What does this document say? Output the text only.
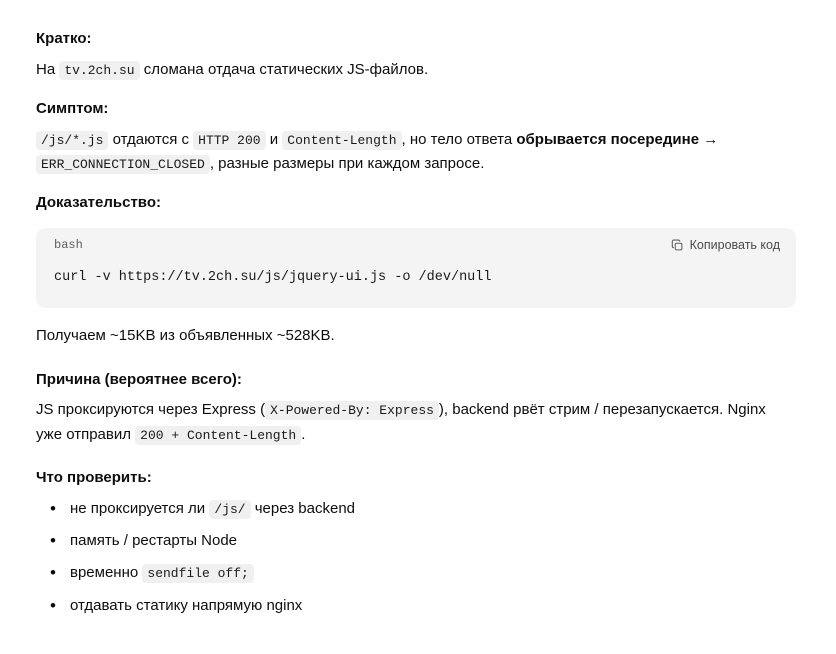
Кратко:

На tv.2ch.su сломана отдача статических JS-файлов.

Симптом:

/js/*.js отдаются с HTTP 200 и Content-Length , но тело ответа обрывается посередине → ERR_CONNECTION_CLOSED , разные размеры при каждом запросе.

Доказательство:

bash	Копировать код
curl -v https://tv.2ch.su/js/jquery-ui.js -o /dev/null

Получаем ~15KB из объявленных ~528KB.

Причина (вероятнее всего):

JS проксируются через Express ( X-Powered-By: Express ), backend рвёт стрим / перезапускается. Nginx уже отправил 200 + Content-Length .

Что проверить:

• не проксируется ли /js/ через backend
• память / рестарты Node
• временно sendfile off;
• отдавать статику напрямую nginx
